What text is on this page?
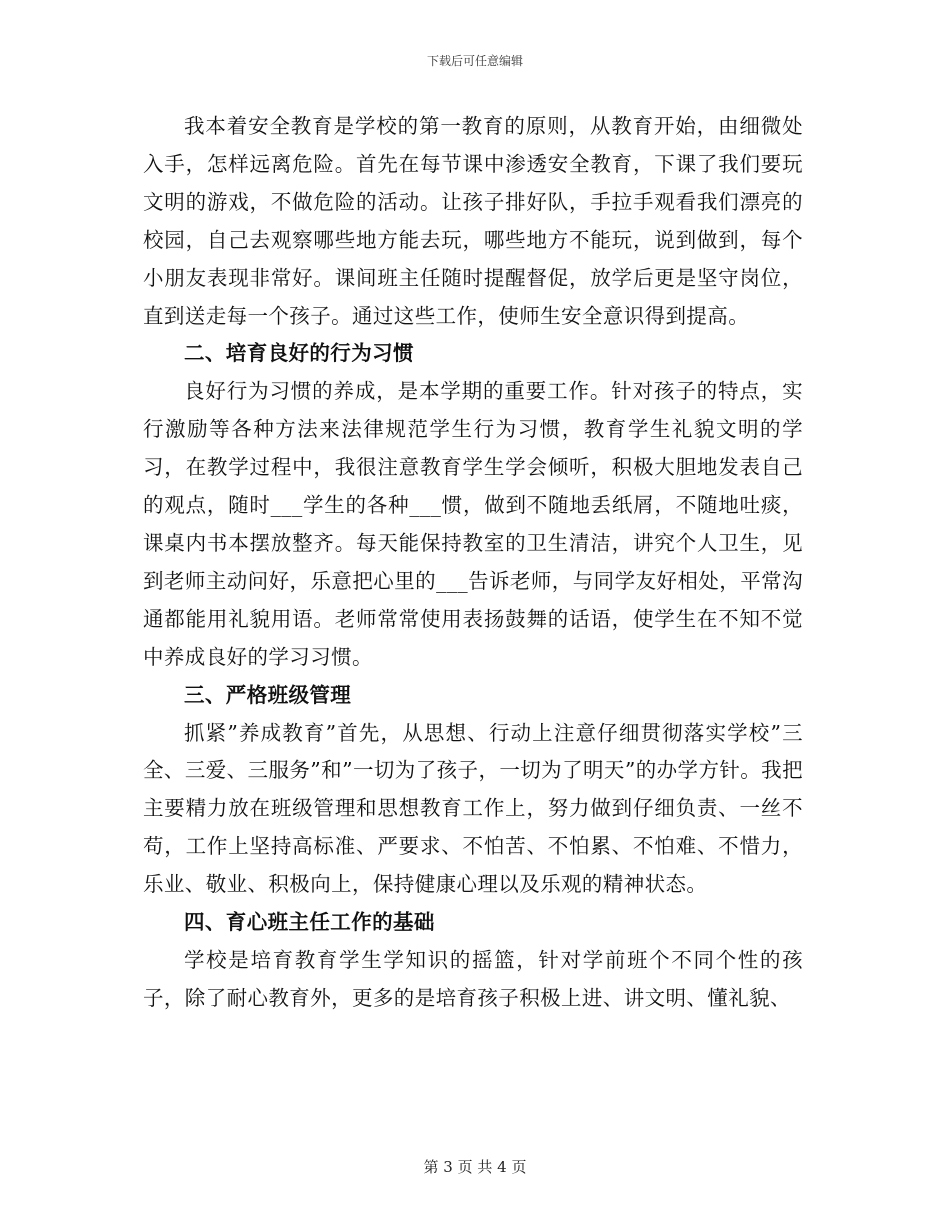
下载后可任意编辑

我本着安全教育是学校的第一教育的原则，从教育开始，由细微处入手，怎样远离危险。首先在每节课中渗透安全教育，下课了我们要玩文明的游戏，不做危险的活动。让孩子排好队，手拉手观看我们漂亮的校园，自己去观察哪些地方能去玩，哪些地方不能玩，说到做到，每个小朋友表现非常好。课间班主任随时提醒督促，放学后更是坚守岗位，直到送走每一个孩子。通过这些工作，使师生安全意识得到提高。

二、培育良好的行为习惯

良好行为习惯的养成，是本学期的重要工作。针对孩子的特点，实行激励等各种方法来法律规范学生行为习惯，教育学生礼貌文明的学习，在教学过程中，我很注意教育学生学会倾听，积极大胆地发表自己的观点，随时___学生的各种___惯，做到不随地丢纸屑，不随地吐痰，课桌内书本摆放整齐。每天能保持教室的卫生清洁，讲究个人卫生，见到老师主动问好，乐意把心里的___告诉老师，与同学友好相处，平常沟通都能用礼貌用语。老师常常使用表扬鼓舞的话语，使学生在不知不觉中养成良好的学习习惯。

三、严格班级管理

抓紧”养成教育”首先，从思想、行动上注意仔细贯彻落实学校”三全、三爱、三服务”和”一切为了孩子，一切为了明天”的办学方针。我把主要精力放在班级管理和思想教育工作上，努力做到仔细负责、一丝不苟，工作上坚持高标准、严要求、不怕苦、不怕累、不怕难、不惜力，乐业、敬业、积极向上，保持健康心理以及乐观的精神状态。

四、育心班主任工作的基础

学校是培育教育学生学知识的摇篮，针对学前班个不同个性的孩子，除了耐心教育外，更多的是培育孩子积极上进、讲文明、懂礼貌、

第 3 页 共 4 页
